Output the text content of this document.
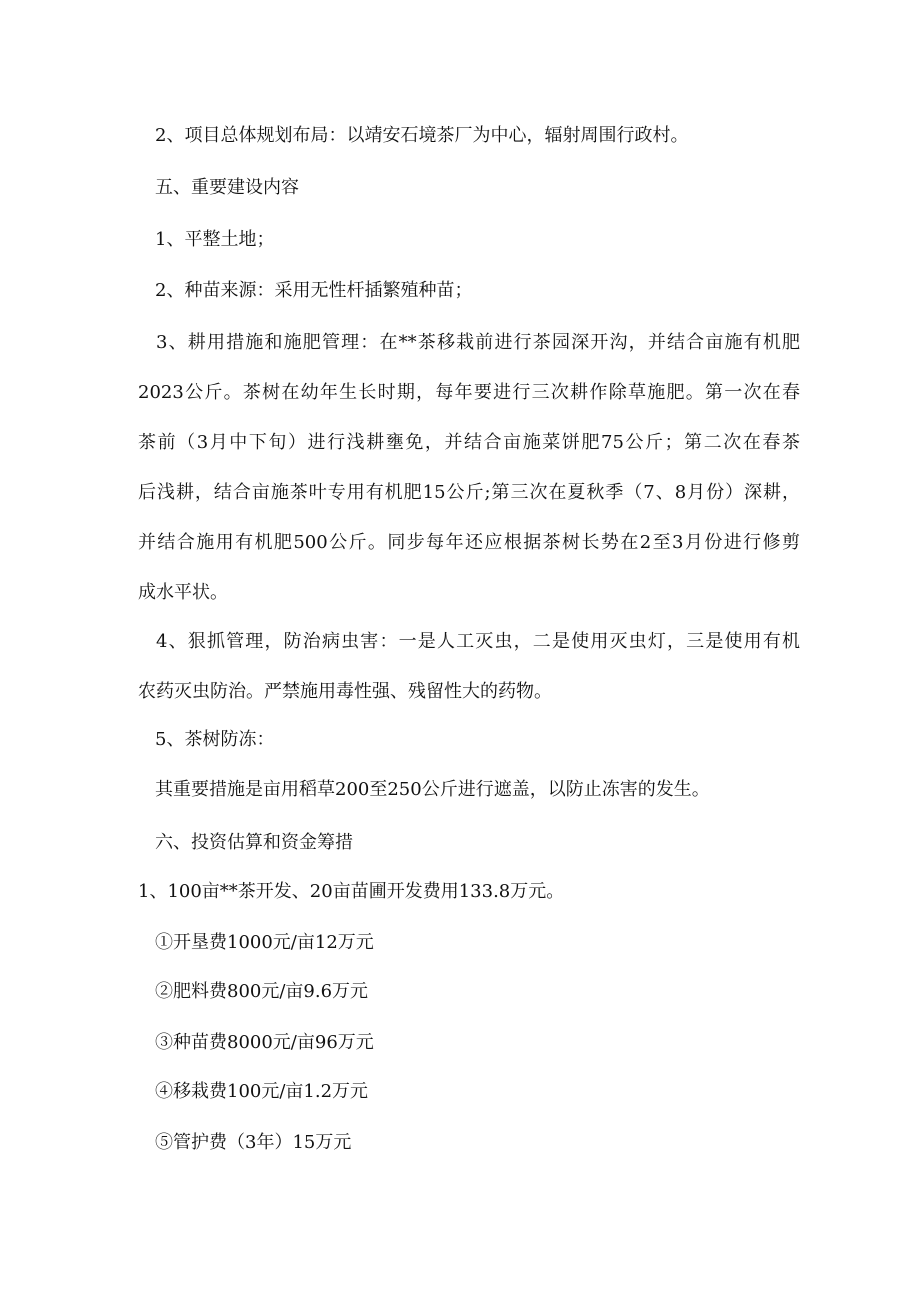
2、项目总体规划布局：以靖安石境茶厂为中心，辐射周围行政村。
五、重要建设内容
1、平整土地；
2、种苗来源：采用无性杆插繁殖种苗；
3、耕用措施和施肥管理：在**茶移栽前进行茶园深开沟，并结合亩施有机肥
2023公斤。茶树在幼年生长时期，每年要进行三次耕作除草施肥。第一次在春
茶前（3月中下旬）进行浅耕壅免，并结合亩施菜饼肥75公斤；第二次在春茶
后浅耕，结合亩施茶叶专用有机肥15公斤;第三次在夏秋季（7、8月份）深耕，
并结合施用有机肥500公斤。同步每年还应根据茶树长势在2至3月份进行修剪
成水平状。
4、狠抓管理，防治病虫害：一是人工灭虫，二是使用灭虫灯，三是使用有机
农药灭虫防治。严禁施用毒性强、残留性大的药物。
5、茶树防冻：
其重要措施是亩用稻草200至250公斤进行遮盖，以防止冻害的发生。
六、投资估算和资金筹措
1、100亩**茶开发、20亩苗圃开发费用133.8万元。
①开垦费1000元/亩12万元
②肥料费800元/亩9.6万元
③种苗费8000元/亩96万元
④移栽费100元/亩1.2万元
⑤管护费（3年）15万元
